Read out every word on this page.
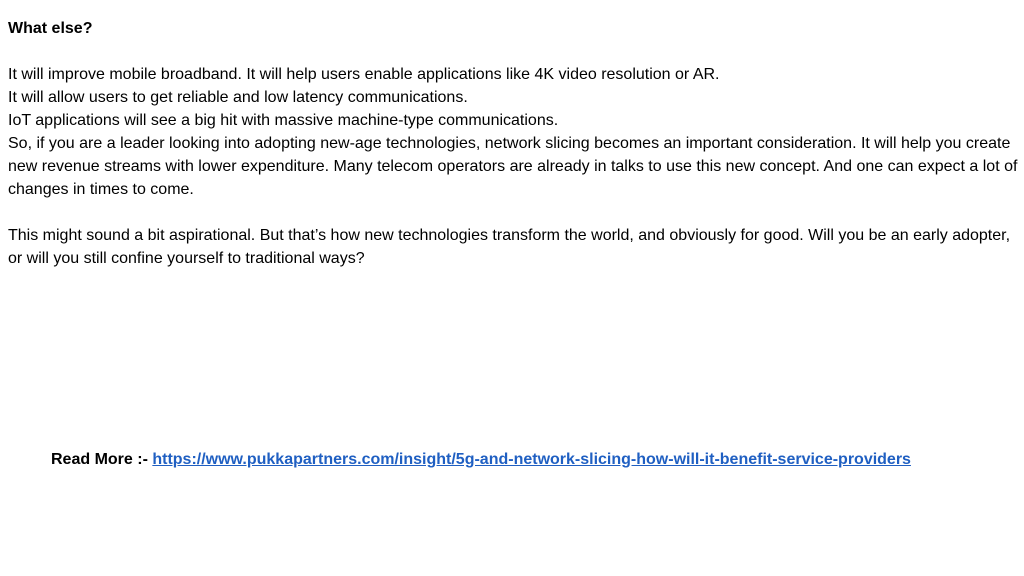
What else?

It will improve mobile broadband. It will help users enable applications like 4K video resolution or AR.

It will allow users to get reliable and low latency communications.

IoT applications will see a big hit with massive machine-type communications.

So, if you are a leader looking into adopting new-age technologies, network slicing becomes an important consideration. It will help you create new revenue streams with lower expenditure. Many telecom operators are already in talks to use this new concept. And one can expect a lot of changes in times to come.

This might sound a bit aspirational. But that’s how new technologies transform the world, and obviously for good. Will you be an early adopter, or will you still confine yourself to traditional ways?

Read More :- https://www.pukkapartners.com/insight/5g-and-network-slicing-how-will-it-benefit-service-providers
